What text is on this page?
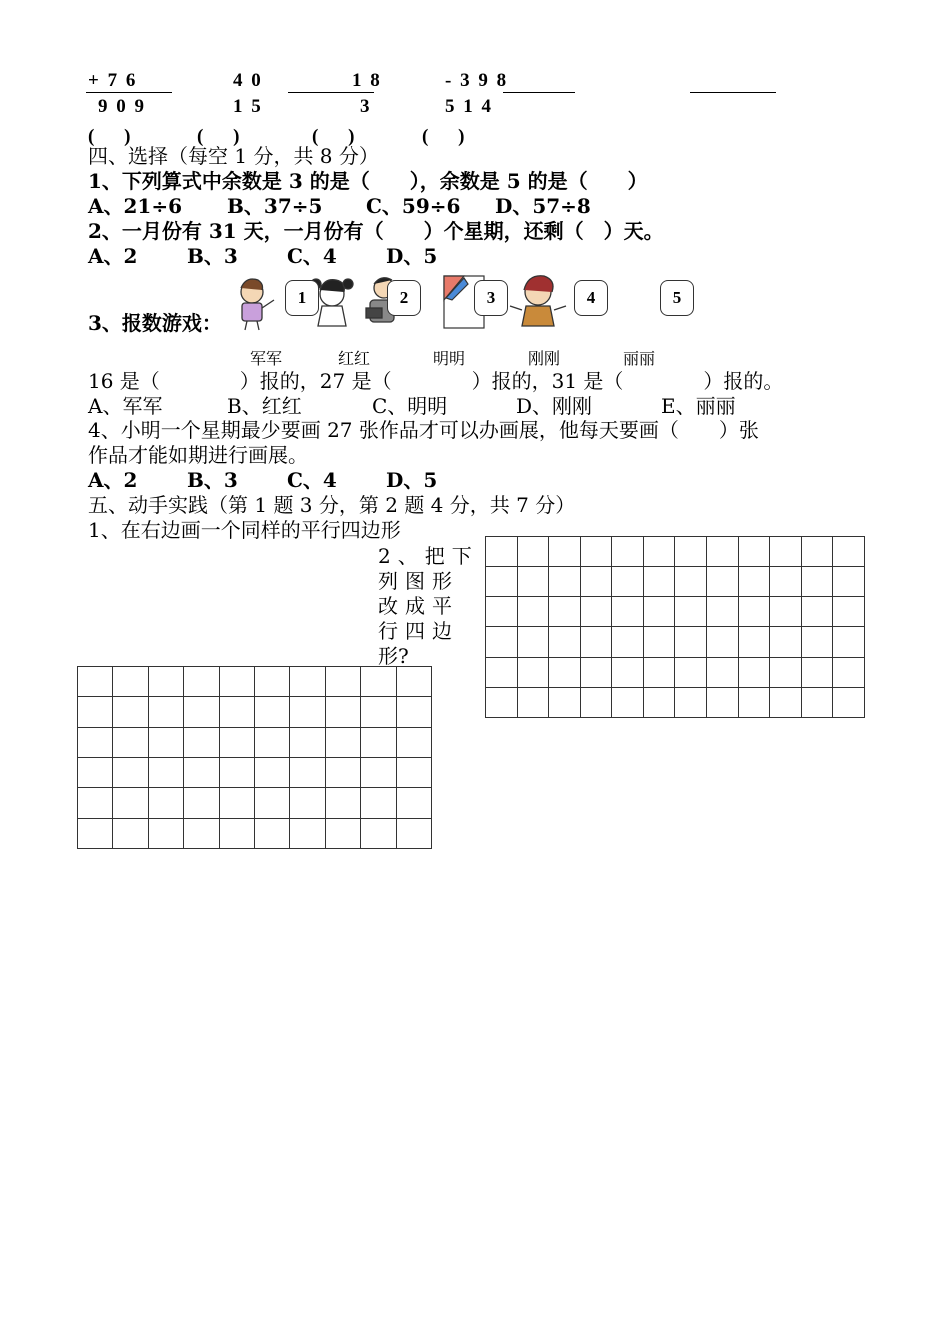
+ 7 6	4 0	1 8	- 3 9 8
9 0 9	1 5	3	5 1 4
(　 )	(　 )	(　 )	(　 )
四、选择（每空 1 分，共 8 分）
1、下列算式中余数是 3 的是（　　），余数是 5 的是（　　）
A、21÷6 B、37÷5 C、59÷6 D、57÷8
2、一月份有 31 天，一月份有（　　）个星期，还剩（　）天。
A、2 B、3 C、4 D、5
3、报数游戏：
1	2	3	4	5
军军	红红	明明	刚刚	丽丽
16 是（　　　　）报的，27 是（　　　　）报的，31 是（　　　　）报的。
A、军军	B、红红	C、明明	D、刚刚	E、丽丽
4、小明一个星期最少要画 27 张作品才可以办画展，他每天要画（　　）张
作品才能如期进行画展。
A、2 B、3 C、4 D、5
五、动手实践（第 1 题 3 分，第 2 题 4 分，共 7 分）
1、在右边画一个同样的平行四边形
2、把下
列图形
改成平
行四边
形?
